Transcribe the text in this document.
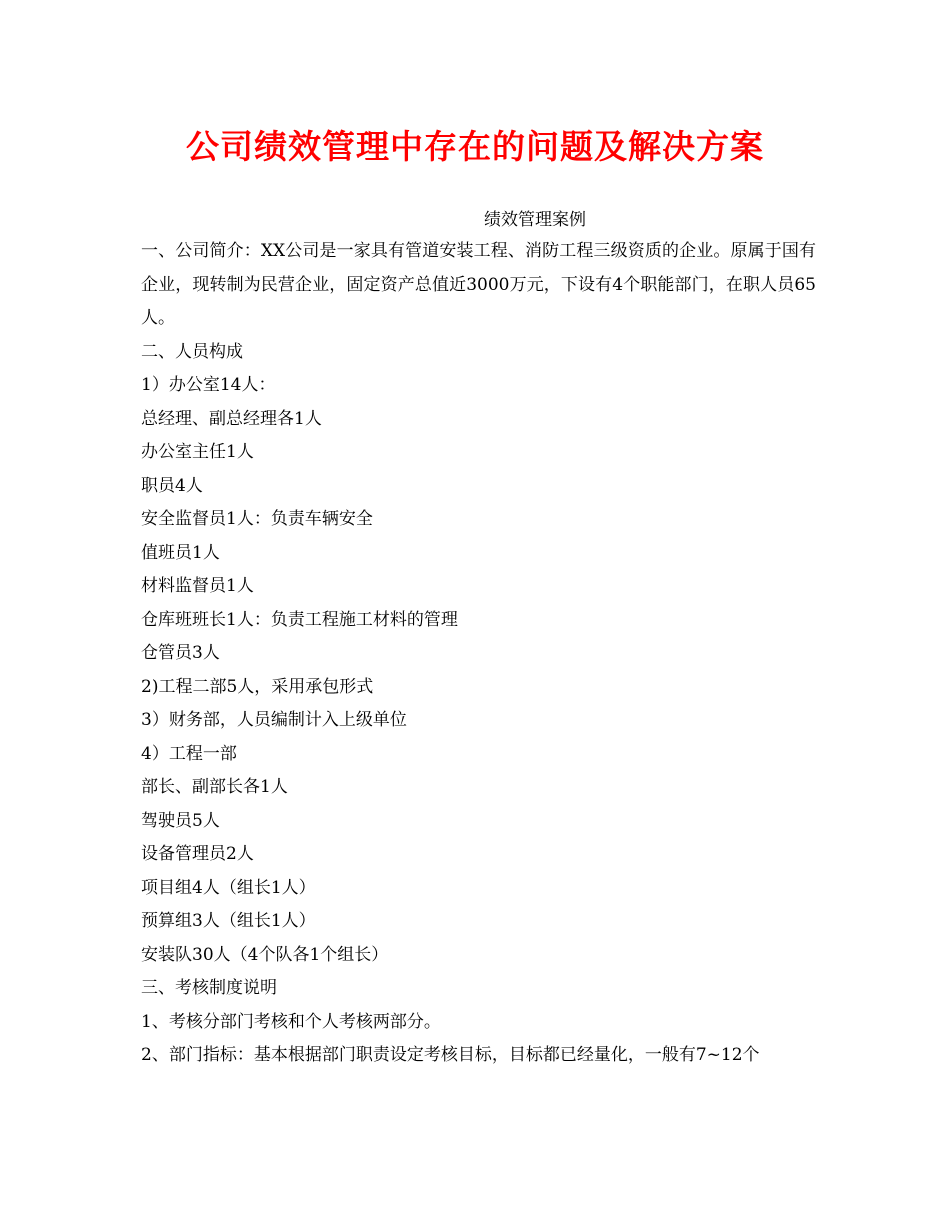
公司绩效管理中存在的问题及解决方案
绩效管理案例
一、公司简介：XX公司是一家具有管道安装工程、消防工程三级资质的企业。原属于国有企业，现转制为民营企业，固定资产总值近3000万元，下设有4个职能部门，在职人员65人。
二、人员构成
1）办公室14人：
总经理、副总经理各1人
办公室主任1人
职员4人
安全监督员1人：负责车辆安全
值班员1人
材料监督员1人
仓库班班长1人：负责工程施工材料的管理
仓管员3人
2)工程二部5人，采用承包形式
3）财务部，人员编制计入上级单位
4）工程一部
部长、副部长各1人
驾驶员5人
设备管理员2人
项目组4人（组长1人）
预算组3人（组长1人）
安装队30人（4个队各1个组长）
三、考核制度说明
1、考核分部门考核和个人考核两部分。
2、部门指标：基本根据部门职责设定考核目标，目标都已经量化，一般有7~12个
